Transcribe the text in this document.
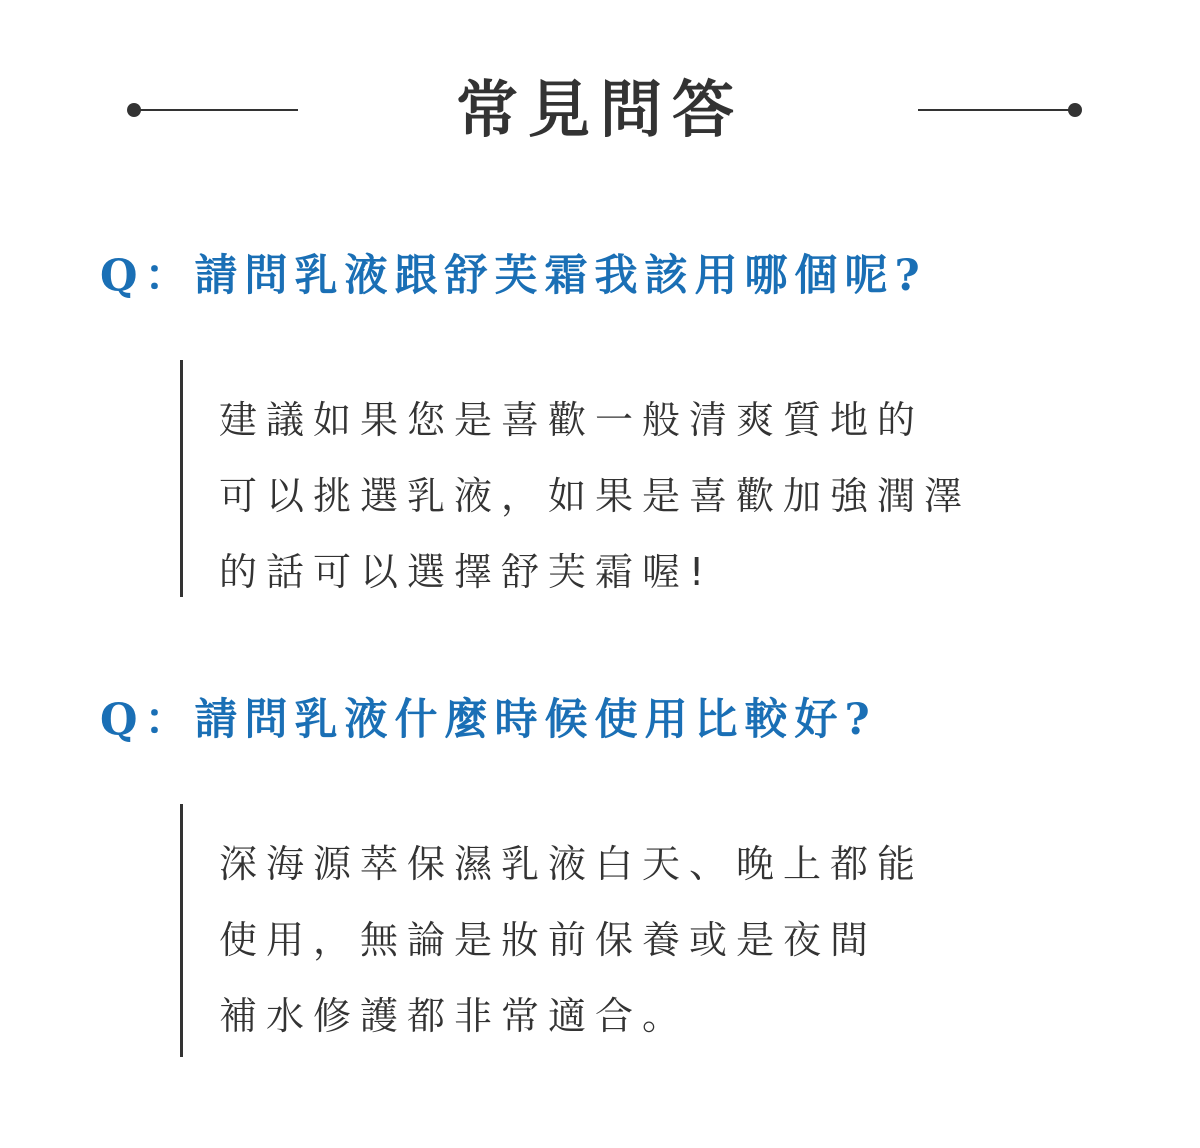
常見問答
Q：請問乳液跟舒芙霜我該用哪個呢?
建議如果您是喜歡一般清爽質地的
可以挑選乳液，如果是喜歡加強潤澤
的話可以選擇舒芙霜喔!
Q：請問乳液什麼時候使用比較好?
深海源萃保濕乳液白天、晚上都能
使用，無論是妝前保養或是夜間
補水修護都非常適合。
